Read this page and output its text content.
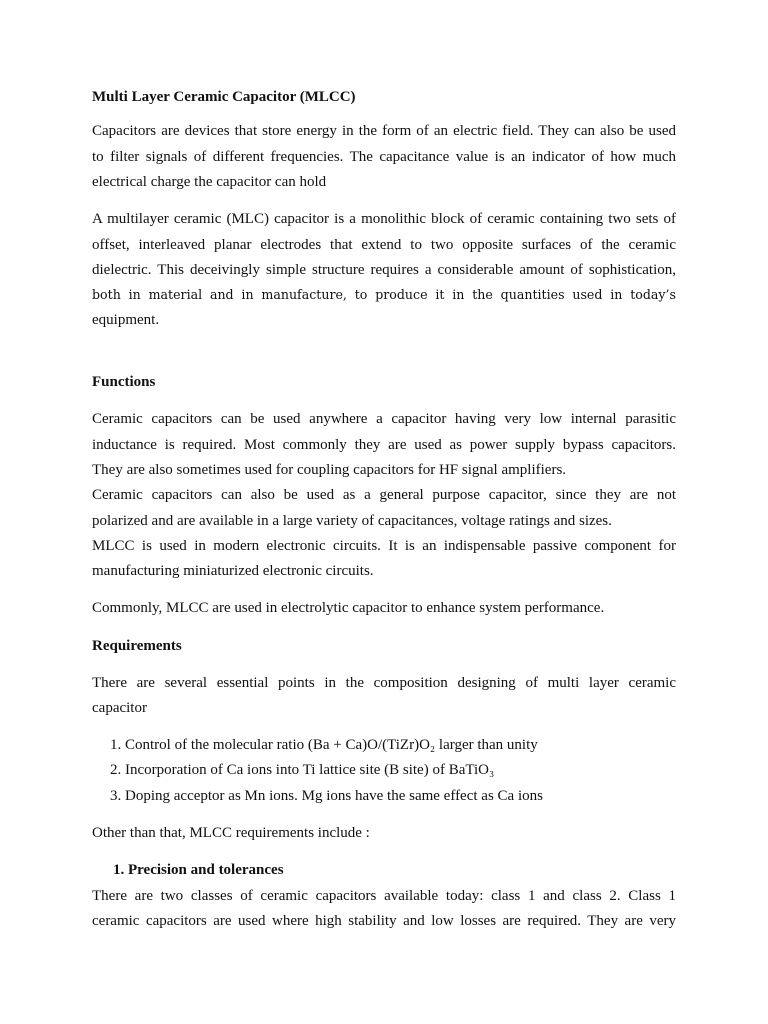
Multi Layer Ceramic Capacitor (MLCC)
Capacitors are devices that store energy in the form of an electric field. They can also be used
to filter signals of different frequencies. The capacitance value is an indicator of how much
electrical charge the capacitor can hold
A multilayer ceramic (MLC) capacitor is a monolithic block of ceramic containing two sets of
offset, interleaved planar electrodes that extend to two opposite surfaces of the ceramic
dielectric. This deceivingly simple structure requires a considerable amount of sophistication,
both in material and in manufacture, to produce it in the quantities used in today’s
equipment.
Functions
Ceramic capacitors can be used anywhere a capacitor having very low internal parasitic
inductance is required. Most commonly they are used as power supply bypass capacitors.
They are also sometimes used for coupling capacitors for HF signal amplifiers.
Ceramic capacitors can also be used as a general purpose capacitor, since they are not
polarized and are available in a large variety of capacitances, voltage ratings and sizes.
MLCC is used in modern electronic circuits. It is an indispensable passive component for
manufacturing miniaturized electronic circuits.
Commonly, MLCC are used in electrolytic capacitor to enhance system performance.
Requirements
There are several essential points in the composition designing of multi layer ceramic
capacitor
1. Control of the molecular ratio (Ba + Ca)O/(TiZr)O₂ larger than unity
2. Incorporation of Ca ions into Ti lattice site (B site) of BaTiO₃
3. Doping acceptor as Mn ions. Mg ions have the same effect as Ca ions
Other than that, MLCC requirements include :
1. Precision and tolerances
There are two classes of ceramic capacitors available today: class 1 and class 2. Class 1
ceramic capacitors are used where high stability and low losses are required. They are very
